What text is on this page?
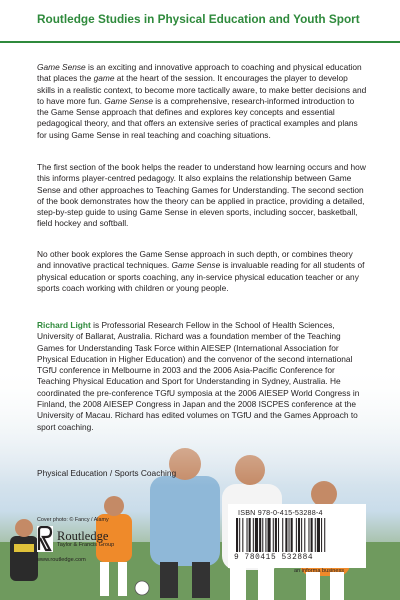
Routledge Studies in Physical Education and Youth Sport
Game Sense is an exciting and innovative approach to coaching and physical education that places the game at the heart of the session. It encourages the player to develop skills in a realistic context, to become more tactically aware, to make better decisions and to have more fun. Game Sense is a comprehensive, research-informed introduction to the Game Sense approach that defines and explores key concepts and essential pedagogical theory, and that offers an extensive series of practical examples and plans for using Game Sense in real teaching and coaching situations.
The first section of the book helps the reader to understand how learning occurs and how this informs player-centred pedagogy. It also explains the relationship between Game Sense and other approaches to Teaching Games for Understanding. The second section of the book demonstrates how the theory can be applied in practice, providing a detailed, step-by-step guide to using Game Sense in eleven sports, including soccer, basketball, field hockey and softball.
No other book explores the Game Sense approach in such depth, or combines theory and innovative practical techniques. Game Sense is invaluable reading for all students of physical education or sports coaching, any in-service physical education teacher or any sports coach working with children or young people.
Richard Light is Professorial Research Fellow in the School of Health Sciences, University of Ballarat, Australia. Richard was a foundation member of the Teaching Games for Understanding Task Force within AIESEP (International Association for Physical Education in Higher Education) and the convenor of the second international TGfU conference in Melbourne in 2003 and the 2006 Asia-Pacific Conference for Teaching Physical Education and Sport for Understanding in Sydney, Australia. He coordinated the pre-conference TGfU symposia at the 2006 AIESEP World Congress in Finland, the 2008 AIESEP Congress in Japan and the 2008 ISCPES conference at the University of Macau. Richard has edited volumes on TGfU and the Games Approach to sport coaching.
Physical Education / Sports Coaching
Cover photo: © Fancy / Alamy
Routledge
Taylor & Francis Group
www.routledge.com
ISBN 978-0-415-53288-4
9 780415 532884
an informa business
